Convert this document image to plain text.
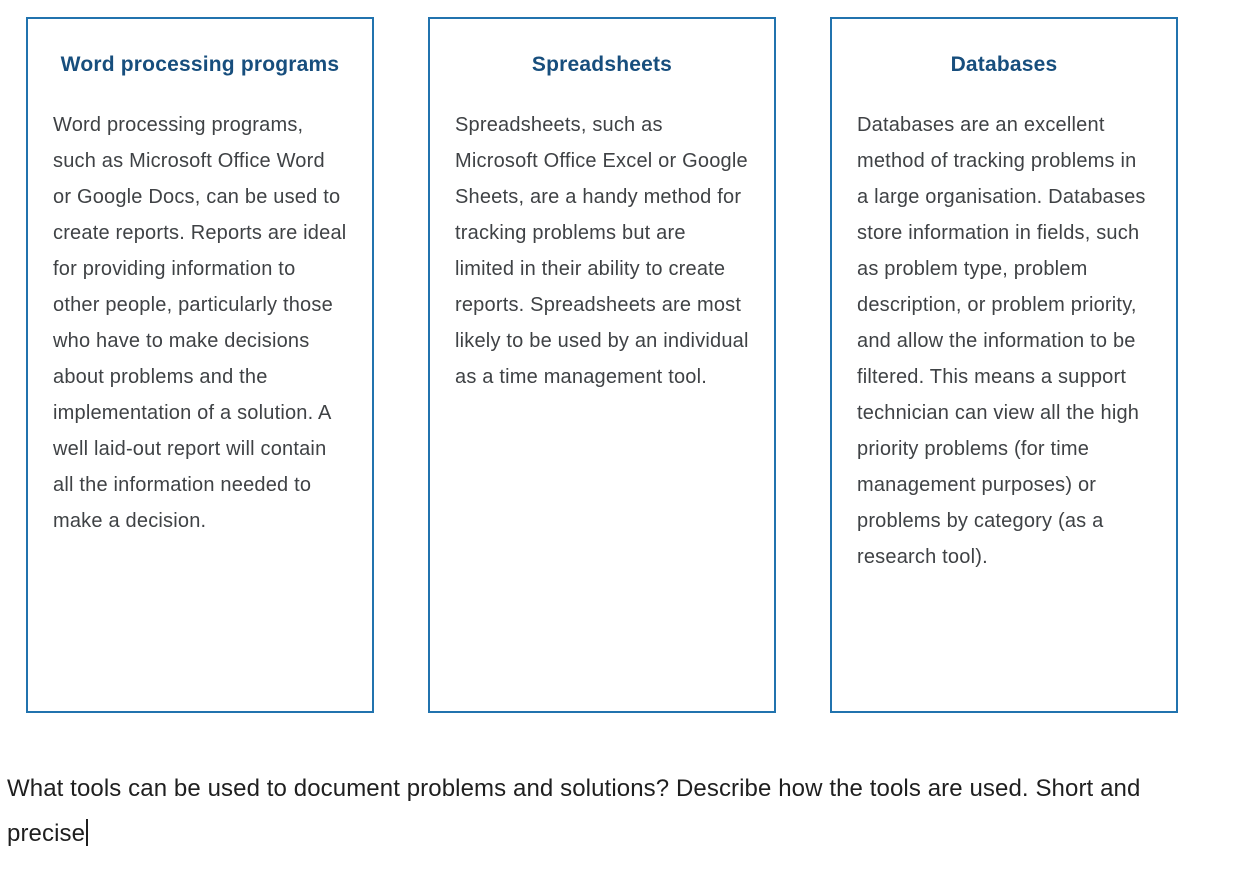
Word processing programs
Word processing programs, such as Microsoft Office Word or Google Docs, can be used to create reports. Reports are ideal for providing information to other people, particularly those who have to make decisions about problems and the implementation of a solution. A well laid-out report will contain all the information needed to make a decision.
Spreadsheets
Spreadsheets, such as Microsoft Office Excel or Google Sheets, are a handy method for tracking problems but are limited in their ability to create reports. Spreadsheets are most likely to be used by an individual as a time management tool.
Databases
Databases are an excellent method of tracking problems in a large organisation. Databases store information in fields, such as problem type, problem description, or problem priority, and allow the information to be filtered. This means a support technician can view all the high priority problems (for time management purposes) or problems by category (as a research tool).
What tools can be used to document problems and solutions? Describe how the tools are used. Short and precise
